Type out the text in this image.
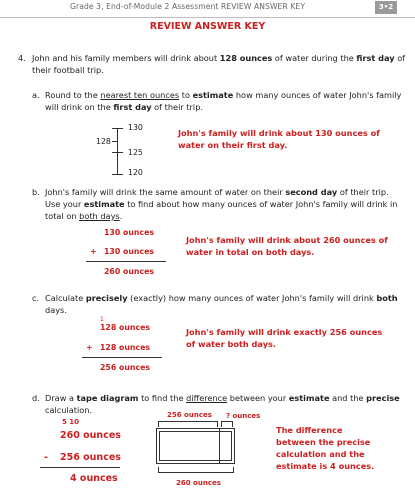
Grade 3, End-of-Module 2 Assessment REVIEW ANSWER KEY	3•2
REVIEW ANSWER KEY
4. John and his family members will drink about 128 ounces of water during the first day of
their football trip.
a. Round to the nearest ten ounces to estimate how many ounces of water John's family
will drink on the first day of their trip.
130
128
125
120
John's family will drink about 130 ounces of
water on their first day.
b. John's family will drink the same amount of water on their second day of their trip.
Use your estimate to find about how many ounces of water John's family will drink in
total on both days.
130 ounces
+ 130 ounces
260 ounces
John's family will drink about 260 ounces of
water in total on both days.
c. Calculate precisely (exactly) how many ounces of water John's family will drink both
days.
1
128 ounces
+ 128 ounces
256 ounces
John's family will drink exactly 256 ounces
of water both days.
d. Draw a tape diagram to find the difference between your estimate and the precise
calculation.
5 10
260 ounces
- 256 ounces
4 ounces
256 ounces ? ounces
260 ounces
The difference
between the precise
calculation and the
estimate is 4 ounces.
